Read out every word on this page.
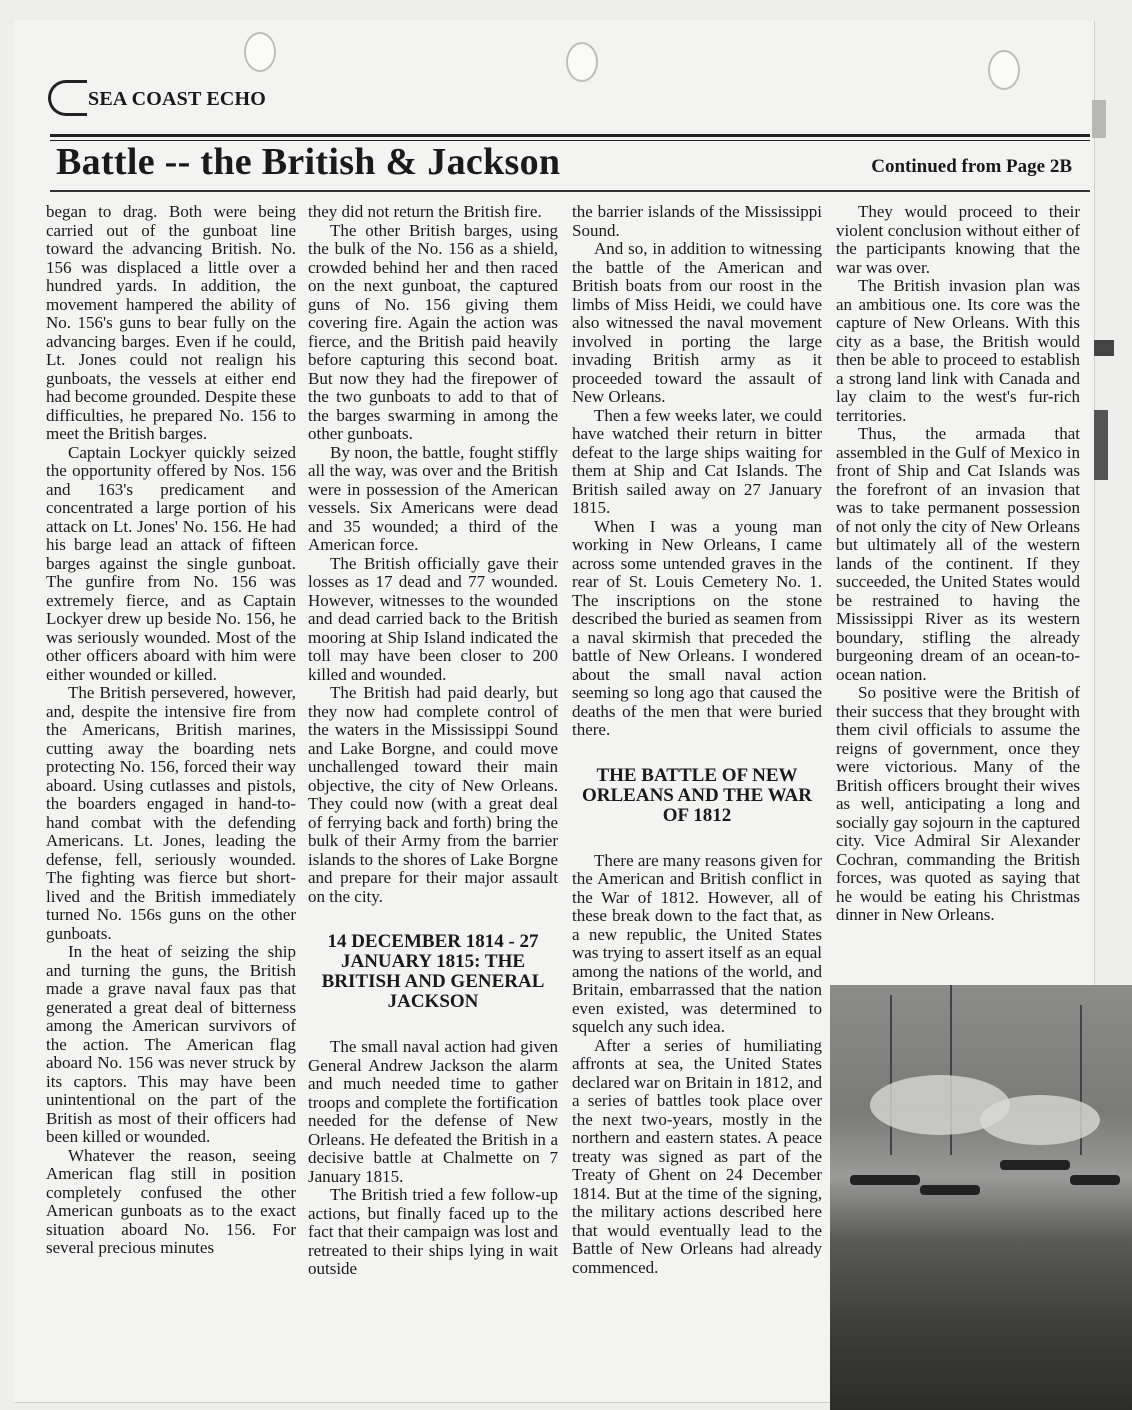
SEA COAST ECHO
Battle -- the British & Jackson	Continued from Page 2B

began to drag. Both were being carried out of the gunboat line toward the advancing British. No. 156 was displaced a little over a hundred yards. In addition, the movement hampered the ability of No. 156's guns to bear fully on the advancing barges. Even if he could, Lt. Jones could not realign his gunboats, the vessels at either end had become grounded. Despite these difficulties, he prepared No. 156 to meet the British barges.

Captain Lockyer quickly seized the opportunity offered by Nos. 156 and 163's predicament and concentrated a large portion of his attack on Lt. Jones' No. 156. He had his barge lead an attack of fifteen barges against the single gunboat. The gunfire from No. 156 was extremely fierce, and as Captain Lockyer drew up beside No. 156, he was seriously wounded. Most of the other officers aboard with him were either wounded or killed.

The British persevered, however, and, despite the intensive fire from the Americans, British marines, cutting away the boarding nets protecting No. 156, forced their way aboard. Using cutlasses and pistols, the boarders engaged in hand-to-hand combat with the defending Americans. Lt. Jones, leading the defense, fell, seriously wounded. The fighting was fierce but short-lived and the British immediately turned No. 156s guns on the other gunboats.

In the heat of seizing the ship and turning the guns, the British made a grave naval faux pas that generated a great deal of bitterness among the American survivors of the action. The American flag aboard No. 156 was never struck by its captors. This may have been unintentional on the part of the British as most of their officers had been killed or wounded.

Whatever the reason, seeing American flag still in position completely confused the other American gunboats as to the exact situation aboard No. 156. For several precious minutes

they did not return the British fire.

The other British barges, using the bulk of the No. 156 as a shield, crowded behind her and then raced on the next gunboat, the captured guns of No. 156 giving them covering fire. Again the action was fierce, and the British paid heavily before capturing this second boat. But now they had the firepower of the two gunboats to add to that of the barges swarming in among the other gunboats.

By noon, the battle, fought stiffly all the way, was over and the British were in possession of the American vessels. Six Americans were dead and 35 wounded; a third of the American force.

The British officially gave their losses as 17 dead and 77 wounded. However, witnesses to the wounded and dead carried back to the British mooring at Ship Island indicated the toll may have been closer to 200 killed and wounded.

The British had paid dearly, but they now had complete control of the waters in the Mississippi Sound and Lake Borgne, and could move unchallenged toward their main objective, the city of New Orleans. They could now (with a great deal of ferrying back and forth) bring the bulk of their Army from the barrier islands to the shores of Lake Borgne and prepare for their major assault on the city.

14 DECEMBER 1814 - 27 JANUARY 1815: THE BRITISH AND GENERAL JACKSON

The small naval action had given General Andrew Jackson the alarm and much needed time to gather troops and complete the fortification needed for the defense of New Orleans. He defeated the British in a decisive battle at Chalmette on 7 January 1815.

The British tried a few follow-up actions, but finally faced up to the fact that their campaign was lost and retreated to their ships lying in wait outside

the barrier islands of the Mississippi Sound.

And so, in addition to witnessing the battle of the American and British boats from our roost in the limbs of Miss Heidi, we could have also witnessed the naval movement involved in porting the large invading British army as it proceeded toward the assault of New Orleans.

Then a few weeks later, we could have watched their return in bitter defeat to the large ships waiting for them at Ship and Cat Islands. The British sailed away on 27 January 1815.

When I was a young man working in New Orleans, I came across some untended graves in the rear of St. Louis Cemetery No. 1. The inscriptions on the stone described the buried as seamen from a naval skirmish that preceded the battle of New Orleans. I wondered about the small naval action seeming so long ago that caused the deaths of the men that were buried there.

THE BATTLE OF NEW ORLEANS AND THE WAR OF 1812

There are many reasons given for the American and British conflict in the War of 1812. However, all of these break down to the fact that, as a new republic, the United States was trying to assert itself as an equal among the nations of the world, and Britain, embarrassed that the nation even existed, was determined to squelch any such idea.

After a series of humiliating affronts at sea, the United States declared war on Britain in 1812, and a series of battles took place over the next two-years, mostly in the northern and eastern states. A peace treaty was signed as part of the Treaty of Ghent on 24 December 1814. But at the time of the signing, the military actions described here that would eventually lead to the Battle of New Orleans had already commenced.

They would proceed to their violent conclusion without either of the participants knowing that the war was over.

The British invasion plan was an ambitious one. Its core was the capture of New Orleans. With this city as a base, the British would then be able to proceed to establish a strong land link with Canada and lay claim to the west's fur-rich territories.

Thus, the armada that assembled in the Gulf of Mexico in front of Ship and Cat Islands was the forefront of an invasion that was to take permanent possession of not only the city of New Orleans but ultimately all of the western lands of the continent. If they succeeded, the United States would be restrained to having the Mississippi River as its western boundary, stifling the already burgeoning dream of an ocean-to-ocean nation.

So positive were the British of their success that they brought with them civil officials to assume the reigns of government, once they were victorious. Many of the British officers brought their wives as well, anticipating a long and socially gay sojourn in the captured city. Vice Admiral Sir Alexander Cochran, commanding the British forces, was quoted as saying that he would be eating his Christmas dinner in New Orleans.
